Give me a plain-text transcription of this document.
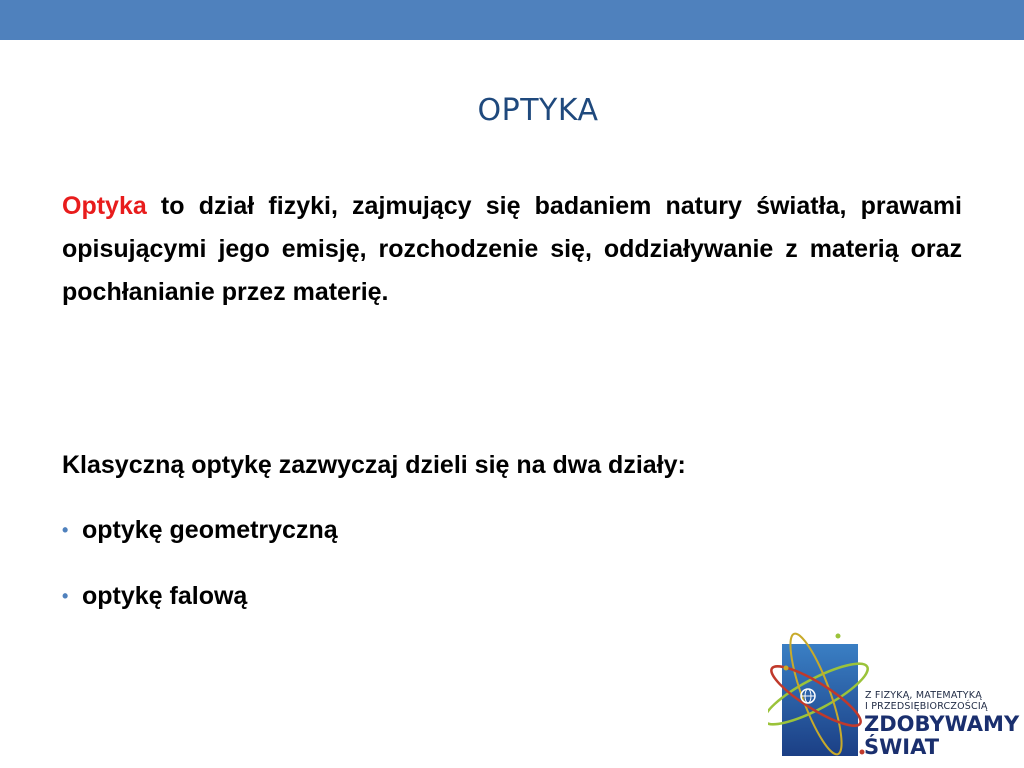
OPTYKA

Optyka to dział fizyki, zajmujący się badaniem natury światła, prawami opisującymi jego emisję, rozchodzenie się, oddziaływanie z materią oraz pochłanianie przez materię.

Klasyczną optykę zazwyczaj dzieli się na dwa działy:

• optykę geometryczną
• optykę falową
Z FIZYKĄ, MATEMATYKĄ
I PRZEDSIĘBIORCZOŚCIĄ
ZDOBYWAMY
ŚWIAT
